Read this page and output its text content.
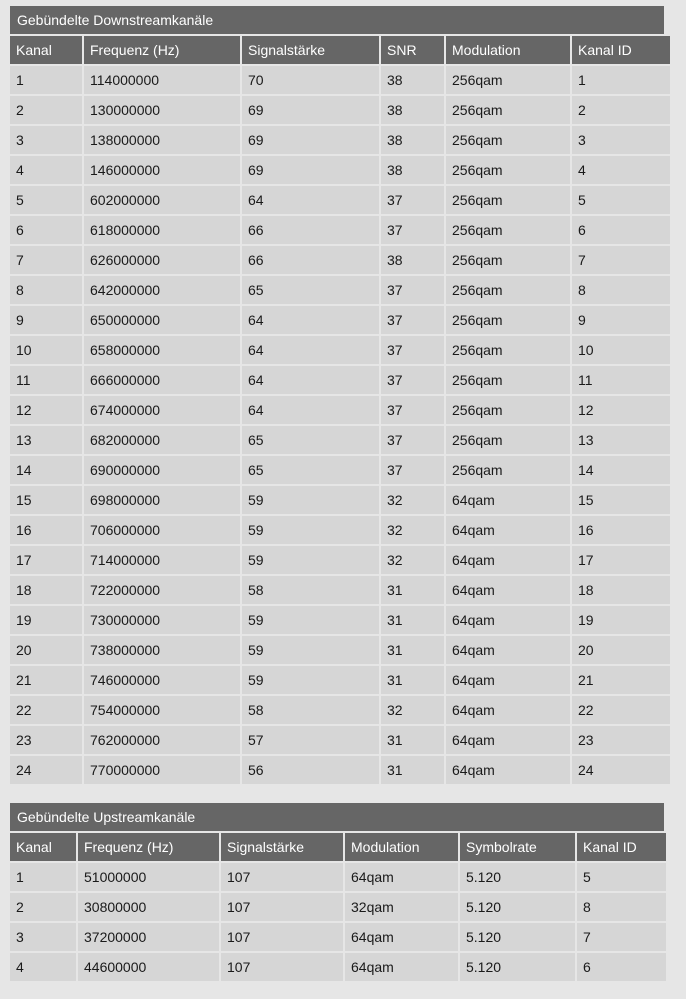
Gebündelte Downstreamkanäle
Kanal	Frequenz (Hz)	Signalstärke	SNR	Modulation	Kanal ID
1	114000000	70	38	256qam	1
2	130000000	69	38	256qam	2
3	138000000	69	38	256qam	3
4	146000000	69	38	256qam	4
5	602000000	64	37	256qam	5
6	618000000	66	37	256qam	6
7	626000000	66	38	256qam	7
8	642000000	65	37	256qam	8
9	650000000	64	37	256qam	9
10	658000000	64	37	256qam	10
11	666000000	64	37	256qam	11
12	674000000	64	37	256qam	12
13	682000000	65	37	256qam	13
14	690000000	65	37	256qam	14
15	698000000	59	32	64qam	15
16	706000000	59	32	64qam	16
17	714000000	59	32	64qam	17
18	722000000	58	31	64qam	18
19	730000000	59	31	64qam	19
20	738000000	59	31	64qam	20
21	746000000	59	31	64qam	21
22	754000000	58	32	64qam	22
23	762000000	57	31	64qam	23
24	770000000	56	31	64qam	24
Gebündelte Upstreamkanäle
Kanal	Frequenz (Hz)	Signalstärke	Modulation	Symbolrate	Kanal ID
1	51000000	107	64qam	5.120	5
2	30800000	107	32qam	5.120	8
3	37200000	107	64qam	5.120	7
4	44600000	107	64qam	5.120	6
